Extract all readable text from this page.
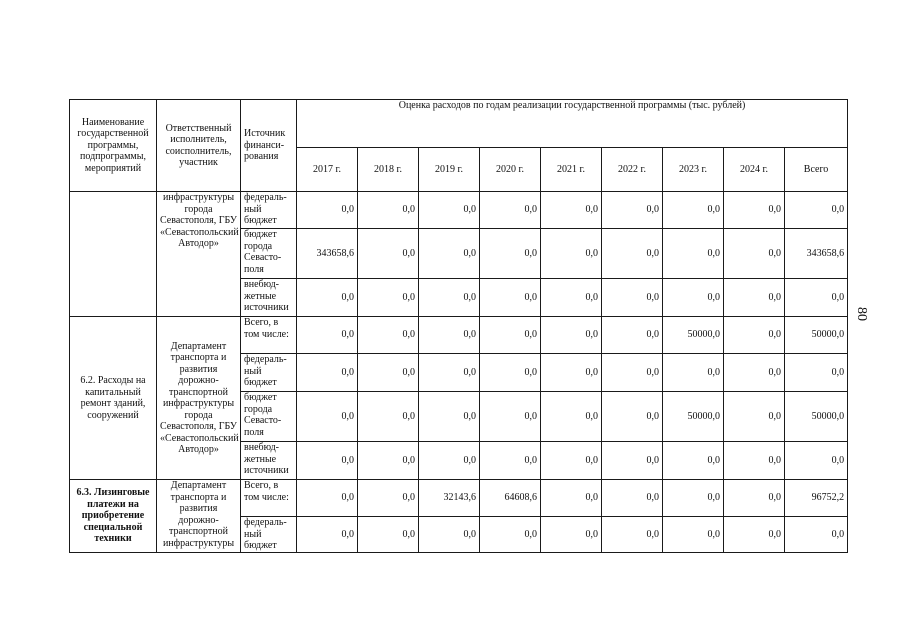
Наименование государственной программы, подпрограммы, мероприятий	Ответственный исполнитель, соисполнитель, участник	Источник финанси-рования	Оценка расходов по годам реализации государственной программы (тыс. рублей)								
			2017 г.	2018 г.	2019 г.	2020 г.	2021 г.	2022 г.	2023 г.	2024 г.	Всего
	инфраструктуры города Севастополя, ГБУ «Севастопольский Автодор»	федераль-ный бюджет	0,0	0,0	0,0	0,0	0,0	0,0	0,0	0,0	0,0
		бюджет города Севасто-поля	343658,6	0,0	0,0	0,0	0,0	0,0	0,0	0,0	343658,6
		внебюд-жетные источники	0,0	0,0	0,0	0,0	0,0	0,0	0,0	0,0	0,0
6.2. Расходы на капитальный ремонт зданий, сооружений	Департамент транспорта и развития дорожно-транспортной инфраструктуры города Севастополя, ГБУ «Севастопольский Автодор»	Всего, в том числе:	0,0	0,0	0,0	0,0	0,0	0,0	50000,0	0,0	50000,0
		федераль-ный бюджет	0,0	0,0	0,0	0,0	0,0	0,0	0,0	0,0	0,0
		бюджет города Севасто-поля	0,0	0,0	0,0	0,0	0,0	0,0	50000,0	0,0	50000,0
		внебюд-жетные источники	0,0	0,0	0,0	0,0	0,0	0,0	0,0	0,0	0,0
6.3. Лизинговые платежи на приобретение специальной техники	Департамент транспорта и развития дорожно-транспортной инфраструктуры	Всего, в том числе:	0,0	0,0	32143,6	64608,6	0,0	0,0	0,0	0,0	96752,2
		федераль-ный бюджет	0,0	0,0	0,0	0,0	0,0	0,0	0,0	0,0	0,0
80
